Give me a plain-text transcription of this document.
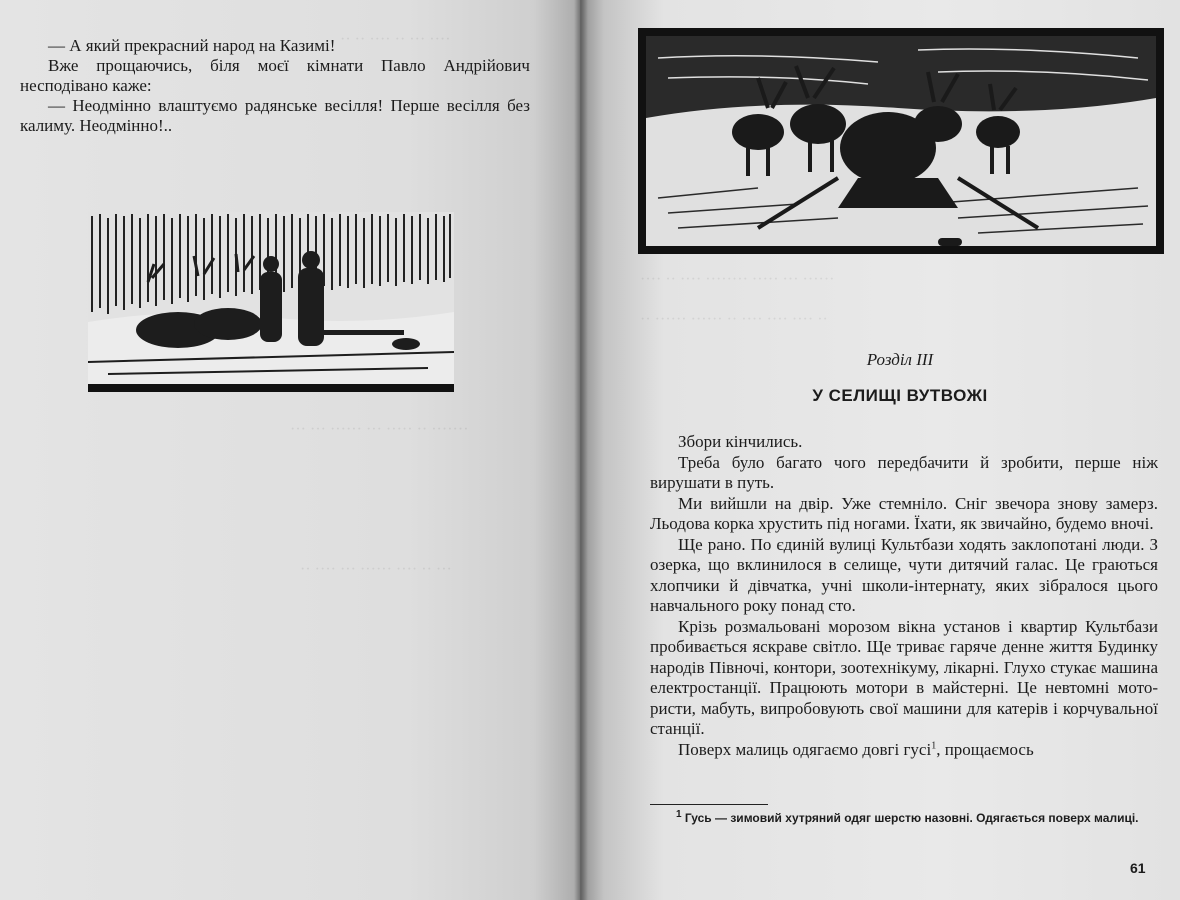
·· ·· ···· ·· ··· ····
··· ··· ······ ··· ····· ·· ·······
·· ···· ··· ······ ···· ·· ···

— А який прекрасний народ на Казимі!

Вже прощаючись, біля моєї кімнати Павло Андрійович несподівано каже:

— Неодмінно влаштуємо радянське весілля! Перше весілля без калиму. Неодмінно!..

···· ·· ···· ········ ····· ··· ······
·· ······ ······ ·· ···· ···· ···· ··
Розділ III
У СЕЛИЩІ ВУТВОЖІ

Збори кінчились.

Треба було багато чого передбачити й зробити, перше ніж вирушати в путь.

Ми вийшли на двір. Уже стемніло. Сніг звечора знову замерз. Льодова корка хрустить під ногами. Їхати, як звичайно, будемо вночі.

Ще рано. По єдиній вулиці Культбази ходять заклопотані люди. З озерка, що вклинилося в селище, чути дитячий галас. Це граються хлопчики й дівчатка, учні школи-інтернату, яких зібралося цього навчального року понад сто.

Крізь розмальовані морозом вікна установ і квартир Культбази пробивається яскраве світло. Ще триває гаряче денне життя Будинку народів Півночі, контори, зоотехнікуму, лікарні. Глухо стукає машина електростанції. Працюють мотори в майстерні. Це невтомні мотористи, мабуть, випробовують свої машини для катерів і корчувальної станції.

Поверх малиць одягаємо довгі гусі$^1$, прощаємось

$^1$ Гусь — зимовий хутряний одяг шерстю назовні. Одягається поверх малиці.

61
